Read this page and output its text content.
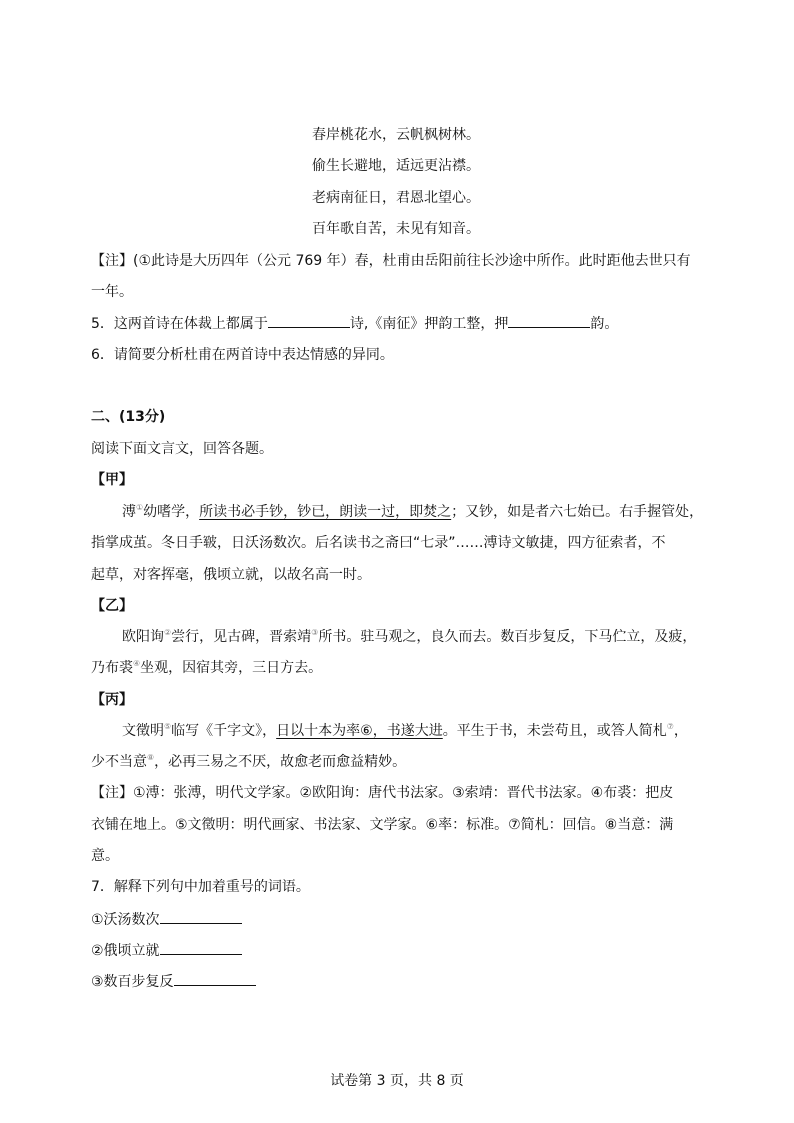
春岸桃花水，云帆枫树林。
偷生长避地，适远更沾襟。
老病南征日，君恩北望心。
百年歌自苦，未见有知音。
【注】(①此诗是大历四年（公元 769 年）春，杜甫由岳阳前往长沙途中所作。此时距他去世只有
一年。
5．这两首诗在体裁上都属于	诗,《南征》押韵工整，押	韵。
6．请简要分析杜甫在两首诗中表达情感的异同。
二、(13分)
阅读下面文言文，回答各题。
【甲】
溥①幼嗜学，所读书必手钞，钞已，朗读一过，即焚之；又钞，如是者六七始已。右手握管处，
指掌成茧。冬日手皲，日沃汤数次。后名读书之斋曰“七录”……溥诗文敏捷，四方征索者，不
起草，对客挥毫，俄顷立就，以故名高一时。
【乙】
欧阳询②尝行，见古碑，晋索靖③所书。驻马观之，良久而去。数百步复反，下马伫立，及疲，
乃布裘④坐观，因宿其旁，三日方去。
【丙】
文徵明⑤临写《千字文》，日以十本为率⑥，书遂大进。平生于书，未尝苟且，或答人简札⑦，
少不当意⑧，必再三易之不厌，故愈老而愈益精妙。
【注】①溥：张溥，明代文学家。②欧阳询：唐代书法家。③索靖：晋代书法家。④布裘：把皮
衣铺在地上。⑤文徵明：明代画家、书法家、文学家。⑥率：标准。⑦简札：回信。⑧当意：满
意。
7．解释下列句中加着重号的词语。
①沃汤数次
②俄顷立就
③数百步复反
试卷第 3 页，共 8 页
